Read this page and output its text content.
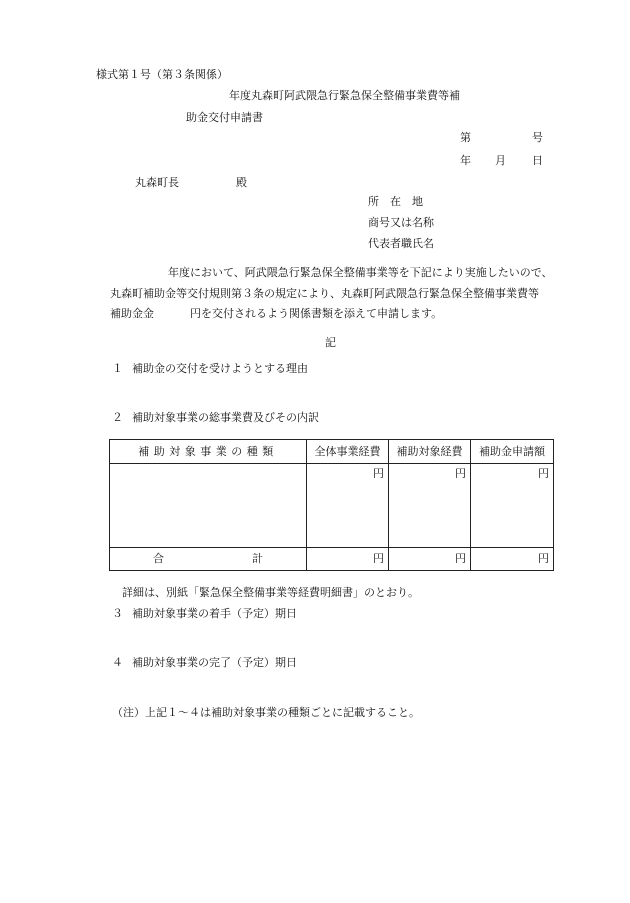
様式第１号（第３条関係）
年度丸森町阿武隈急行緊急保全整備事業費等補
助金交付申請書
第	号
年 月 日
丸森町長	殿
所　在　地
商号又は名称
代表者職氏名
年度において、阿武隈急行緊急保全整備事業等を下記により実施したいので、
丸森町補助金等交付規則第３条の規定により、丸森町阿武隈急行緊急保全整備事業費等
補助金金	円を交付されるよう関係書類を添えて申請します。
記
１ 補助金の交付を受けようとする理由
２ 補助対象事業の総事業費及びその内訳
補助対象事業の種類	全体事業経費	補助対象経費	補助金申請額
	円	円	円
合 計	円	円	円
詳細は、別紙「緊急保全整備事業等経費明細書」のとおり。
３ 補助対象事業の着手（予定）期日
４ 補助対象事業の完了（予定）期日
（注）上記１～４は補助対象事業の種類ごとに記載すること。
